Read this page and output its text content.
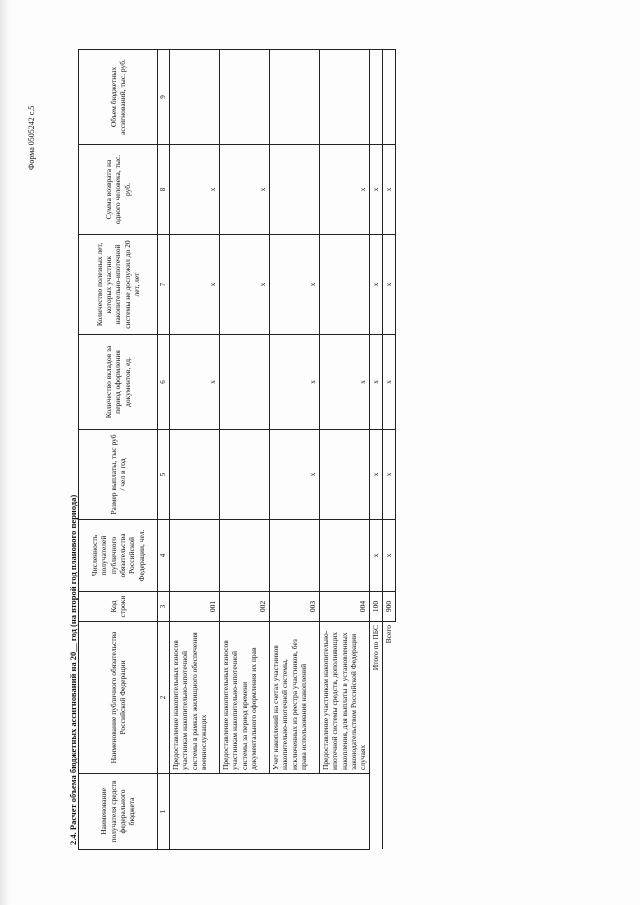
Форма 0505242 с.5
2.4. Расчет объема бюджетных ассигнований на 20__ год (на второй год планового периода)	Наименование получателя средств федерального бюджета	Наименование публичного обязательства Российской Федерации	Код строки	Численность получателей публичного обязательства Российской Федерации, чел.	Размер выплаты, тыс руб / чел в год	Количество вкладов за период оформления документов, ед.	Количество полезных лет, которых участник накопительно-ипотечной системы не дослужил до 20 лет, лет	Сумма возврата на одного человека, тыс. руб.	Объем бюджетных ассигнований, тыс. руб.
1	2	3	4	5	6	7	8	9
	Предоставление накопительных взносов участникам накопительно-ипотечной системы в рамках жилищного обеспечения военнослужащих	001			x	x	x	
	Предоставление накопительных взносов участникам накопительно-ипотечной системы за период времени документального оформления их прав	002				x	x	
	Учет накоплений на счетах участников накопительно-ипотечной системы, исключенных из реестра участников, без права использования накоплений	003		x	x	x		
	Предоставление участникам накопительно-ипотечной системы средств, дополняющих накопления, для выплаты в установленных законодательством Российской Федерации случаях	004			x		x	
Итого по ПБС		100	x	x	x	x	x	
Всего		900	x	x	x	x	x	
